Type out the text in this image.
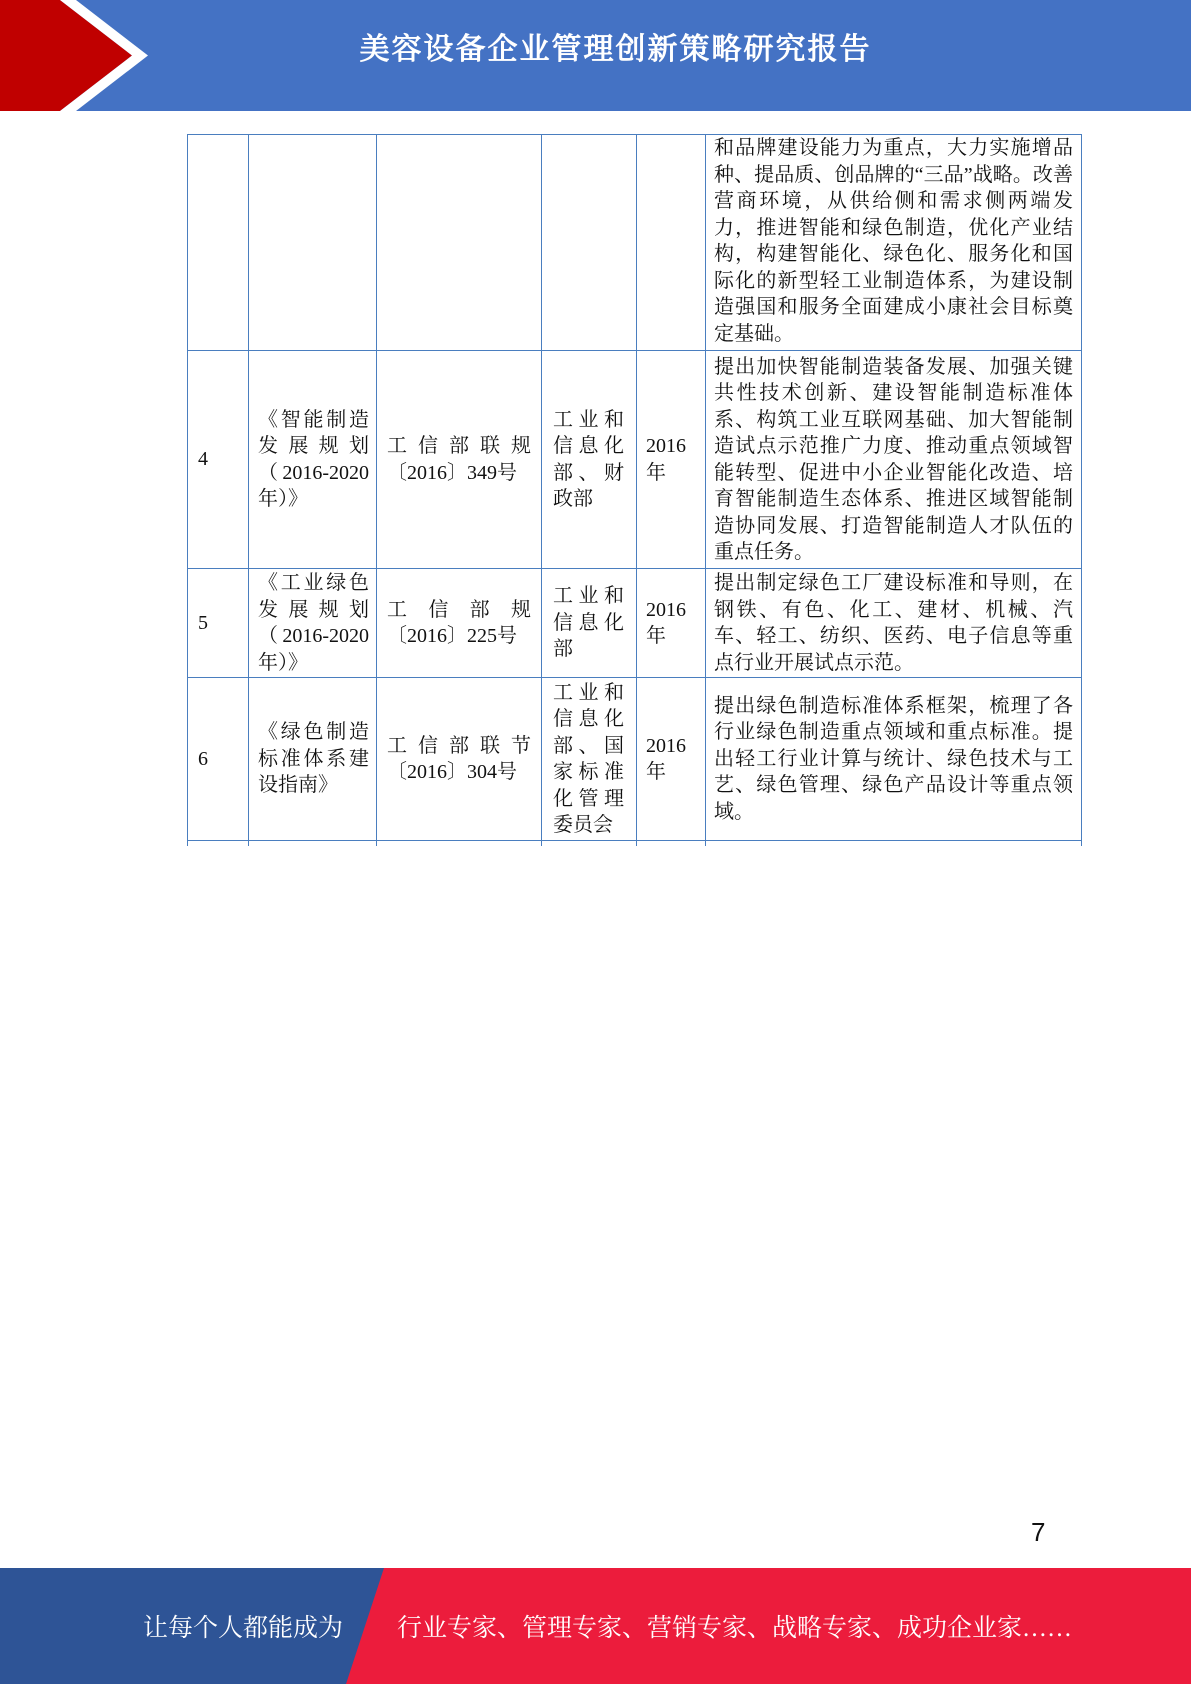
美容设备企业管理创新策略研究报告
和品牌建设能力为重点，大力实施增品种、提品质、创品牌的“三品”战略。改善营商环境，从供给侧和需求侧两端发力，推进智能和绿色制造，优化产业结构，构建智能化、绿色化、服务化和国际化的新型轻工业制造体系，为建设制造强国和服务全面建成小康社会目标奠定基础。
4
《智能制造发展规划（2016-2020年）》
工信部联规〔2016〕349号
工业和信息化部、财政部
2016年
提出加快智能制造装备发展、加强关键共性技术创新、建设智能制造标准体系、构筑工业互联网基础、加大智能制造试点示范推广力度、推动重点领域智能转型、促进中小企业智能化改造、培育智能制造生态体系、推进区域智能制造协同发展、打造智能制造人才队伍的重点任务。
5
《工业绿色发展规划（2016-2020年）》
工信部规〔2016〕225号
工业和信息化部
2016年
提出制定绿色工厂建设标准和导则，在钢铁、有色、化工、建材、机械、汽车、轻工、纺织、医药、电子信息等重点行业开展试点示范。
6
《绿色制造标准体系建设指南》
工信部联节〔2016〕304号
工业和信息化部、国家标准化管理委员会
2016年
提出绿色制造标准体系框架，梳理了各行业绿色制造重点领域和重点标准。提出轻工行业计算与统计、绿色技术与工艺、绿色管理、绿色产品设计等重点领域。
7
让每个人都能成为 行业专家、管理专家、营销专家、战略专家、成功企业家……
